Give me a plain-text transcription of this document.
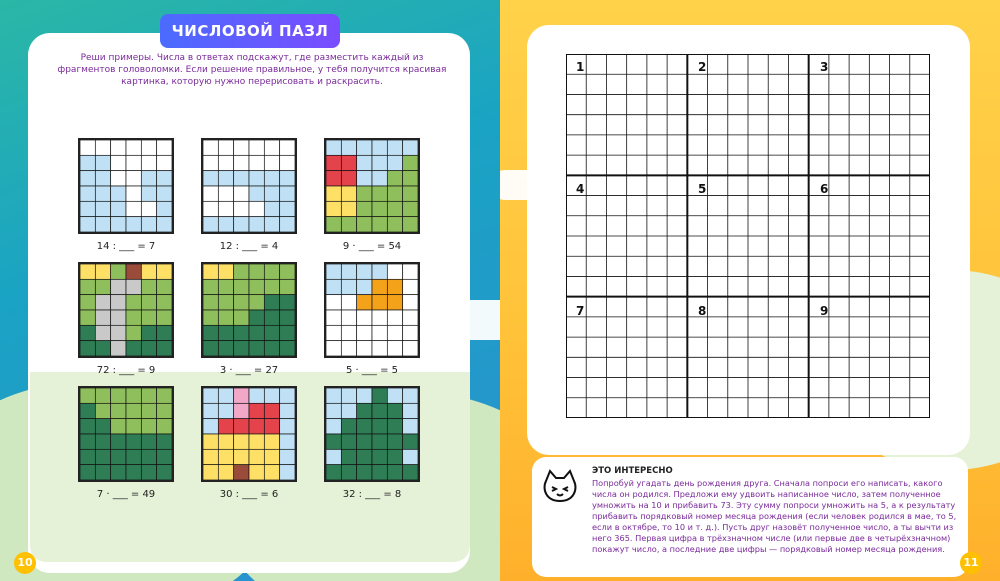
ЧИСЛОВОЙ ПАЗЛ
Реши примеры. Числа в ответах подскажут, где разместить каждый из фрагментов головоломки. Если решение правильное, у тебя получится красивая картинка, которую нужно перерисовать и раскрасить.
14 : ___ = 7	12 : ___ = 4	9 · ___ = 54
72 : ___ = 9	3 · ___ = 27	5 · ___ = 5
7 · ___ = 49	30 : ___ = 6	32 : ___ = 8
10
1	2	3
4	5	6
7	8	9
ЭТО ИНТЕРЕСНО
Попробуй угадать день рождения друга. Сначала попроси его написать, какого числа он родился. Предложи ему удвоить написанное число, затем полученное умножить на 10 и прибавить 73. Эту сумму попроси умножить на 5, а к результату прибавить порядковый номер месяца рождения (если человек родился в мае, то 5, если в октябре, то 10 и т. д.). Пусть друг назовёт полученное число, а ты вычти из него 365. Первая цифра в трёхзначном числе (или первые две в четырёхзначном) покажут число, а последние две цифры — порядковый номер месяца рождения.
11
